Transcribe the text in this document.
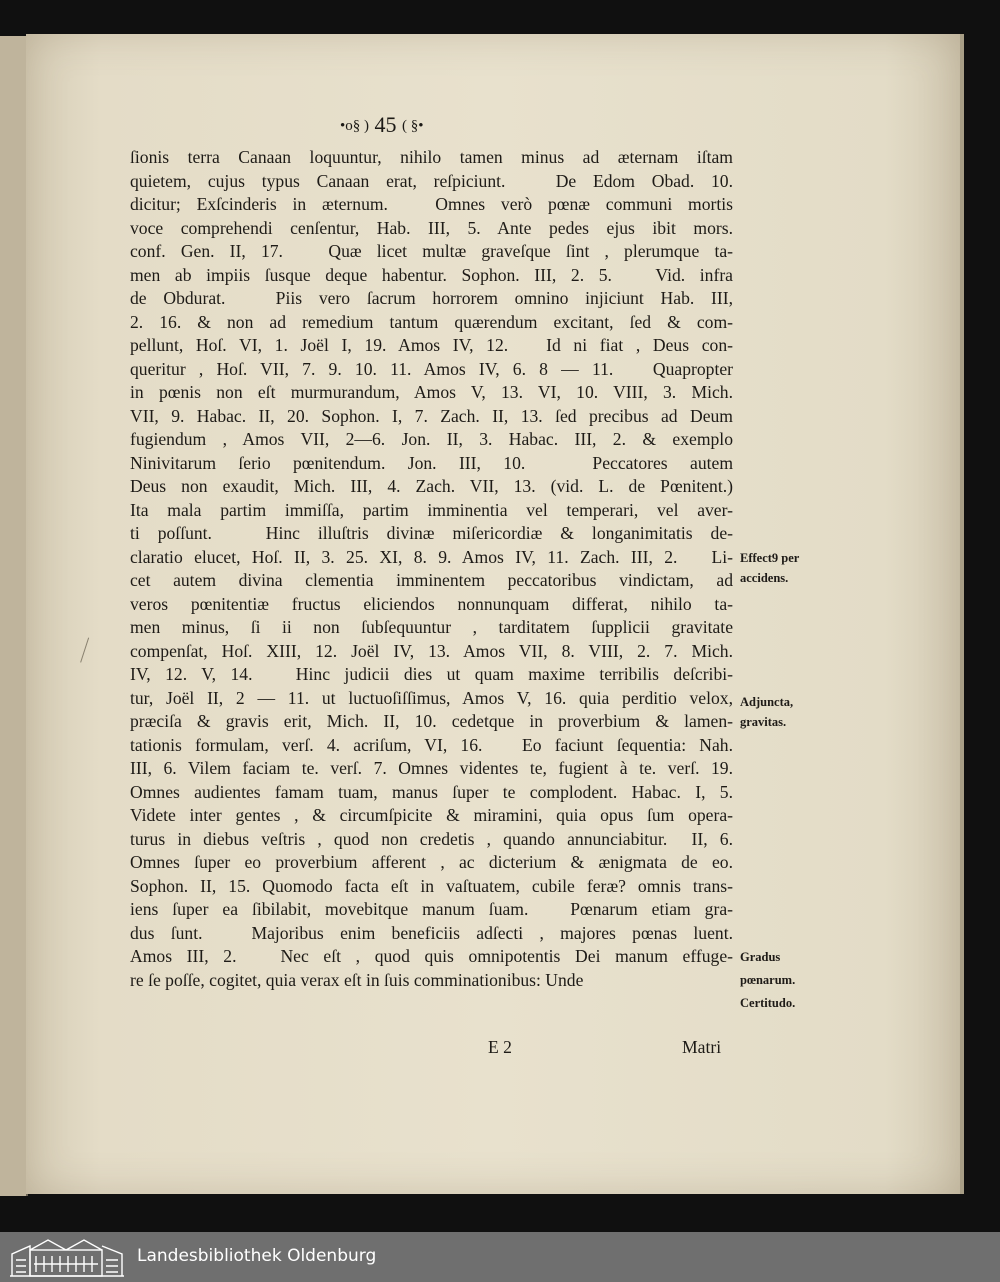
•o§ ) 45 ( §•
ſionis terra Canaan loquuntur, nihilo tamen minus ad æternam iſtam
quietem, cujus typus Canaan erat, reſpiciunt.   De Edom Obad. 10.
dicitur; Exſcinderis in æternum.   Omnes verò pœnæ communi mortis
voce comprehendi cenſentur, Hab. III, 5. Ante pedes ejus ibit mors.
conf. Gen. II, 17.   Quæ licet multæ graveſque ſint , plerumque ta-
men ab impiis ſusque deque habentur. Sophon. III, 2. 5.   Vid. infra
de Obdurat.   Piis vero ſacrum horrorem omnino injiciunt Hab. III,
2. 16. & non ad remedium tantum quærendum excitant, ſed & com-
pellunt, Hoſ. VI, 1. Joël I, 19. Amos IV, 12.   Id ni fiat , Deus con-
queritur , Hoſ. VII, 7. 9. 10. 11. Amos IV, 6. 8 — 11.   Quapropter
in pœnis non eſt murmurandum, Amos V, 13. VI, 10. VIII, 3. Mich.
VII, 9. Habac. II, 20. Sophon. I, 7. Zach. II, 13. ſed precibus ad Deum
fugiendum , Amos VII, 2—6. Jon. II, 3. Habac. III, 2. & exemplo
Ninivitarum ſerio pœnitendum. Jon. III, 10.   Peccatores autem
Deus non exaudit, Mich. III, 4. Zach. VII, 13. (vid. L. de Pœnitent.)
Ita mala partim immiſſa, partim imminentia vel temperari, vel aver-
ti poſſunt.   Hinc illuſtris divinæ miſericordiæ & longanimitatis de-
claratio elucet, Hoſ. II, 3. 25. XI, 8. 9. Amos IV, 11. Zach. III, 2.   Li-
cet autem divina clementia imminentem peccatoribus vindictam, ad
veros pœnitentiæ fructus eliciendos nonnunquam differat, nihilo ta-
men minus, ſi ii non ſubſequuntur , tarditatem ſupplicii gravitate
compenſat, Hoſ. XIII, 12. Joël IV, 13. Amos VII, 8. VIII, 2. 7. Mich.
IV, 12. V, 14.   Hinc judicii dies ut quam maxime terribilis deſcribi-
tur, Joël II, 2 — 11. ut luctuoſiſſimus, Amos V, 16. quia perditio velox,
præciſa & gravis erit, Mich. II, 10. cedetque in proverbium & lamen-
tationis formulam, verſ. 4. acriſum, VI, 16.   Eo faciunt ſequentia: Nah.
III, 6. Vilem faciam te. verſ. 7. Omnes videntes te, fugient à te. verſ. 19.
Omnes audientes famam tuam, manus ſuper te complodent. Habac. I, 5.
Videte inter gentes , & circumſpicite & miramini, quia opus ſum opera-
turus in diebus veſtris , quod non credetis , quando annunciabitur.  II, 6.
Omnes ſuper eo proverbium afferent , ac dicterium & ænigmata de eo.
Sophon. II, 15. Quomodo facta eſt in vaſtuatem, cubile feræ? omnis trans-
iens ſuper ea ſibilabit, movebitque manum ſuam.   Pœnarum etiam gra-
dus ſunt.   Majoribus enim beneficiis adſecti , majores pœnas luent.
Amos III, 2.   Nec eſt , quod quis omnipotentis Dei manum effuge-
re ſe poſſe, cogitet, quia verax eſt in ſuis comminationibus: Unde
Effect9 per
accidens.
Adjuncta,
gravitas.
Gradus
pœnarum.
Certitudo.
E 2	Matri
Landesbibliothek Oldenburg
